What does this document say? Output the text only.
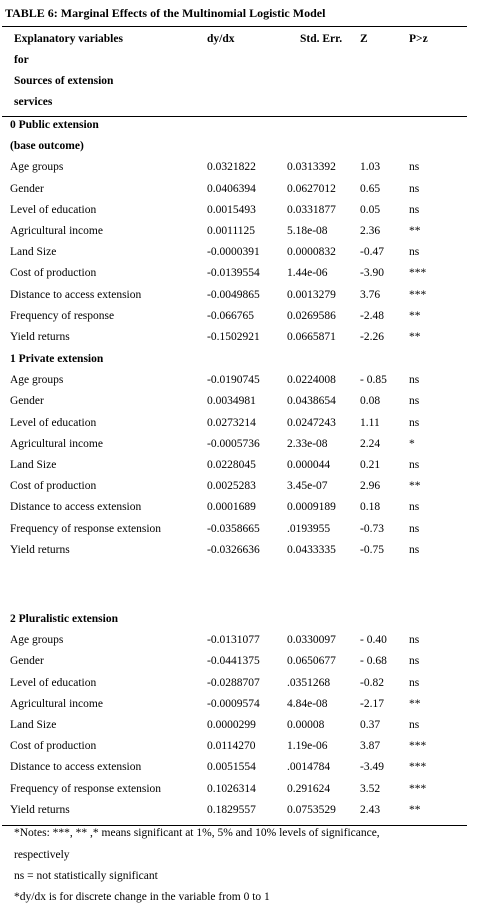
TABLE 6: Marginal Effects of the Multinomial Logistic Model
Explanatory variables
for
Sources of extension
services
dy/dx	Std. Err. Z	P>z
0 Public extension
(base outcome)
Age groups	0.0321822	0.0313392 1.03	ns
Gender	0.0406394	0.0627012 0.65	ns
Level of education	0.0015493	0.0331877 0.05	ns
Agricultural income	0.0011125	5.18e-08	2.36	**
Land Size	-0.0000391 0.0000832 -0.47 ns
Cost of production	-0.0139554 1.44e-06	-3.90 ***
Distance to access extension	-0.0049865 0.0013279 3.76	***
Frequency of response	-0.066765	0.0269586 -2.48 **
Yield returns	-0.1502921 0.0665871 -2.26 **
1 Private extension
Age groups	-0.0190745 0.0224008 - 0.85 ns
Gender	0.0034981	0.0438654 0.08	ns
Level of education	0.0273214	0.0247243 1.11	ns
Agricultural income	-0.0005736 2.33e-08	2.24	*
Land Size	0.0228045	0.000044	0.21	ns
Cost of production	0.0025283	3.45e-07	2.96	**
Distance to access extension	0.0001689	0.0009189 0.18	ns
Frequency of response extension	-0.0358665 .0193955	-0.73 ns
Yield returns	-0.0326636 0.0433335 -0.75 ns
2 Pluralistic extension
Age groups	-0.0131077 0.0330097 - 0.40 ns
Gender	-0.0441375 0.0650677 - 0.68 ns
Level of education	-0.0288707 .0351268	-0.82 ns
Agricultural income	-0.0009574 4.84e-08	-2.17 **
Land Size	0.0000299	0.00008	0.37	ns
Cost of production	0.0114270	1.19e-06	3.87	***
Distance to access extension	0.0051554	.0014784	-3.49 ***
Frequency of response extension	0.1026314	0.291624	3.52	***
Yield returns	0.1829557	0.0753529 2.43	**
*Notes: ***, ** ,* means significant at 1%, 5% and 10% levels of significance,
respectively
ns = not statistically significant
*dy/dx is for discrete change in the variable from 0 to 1
